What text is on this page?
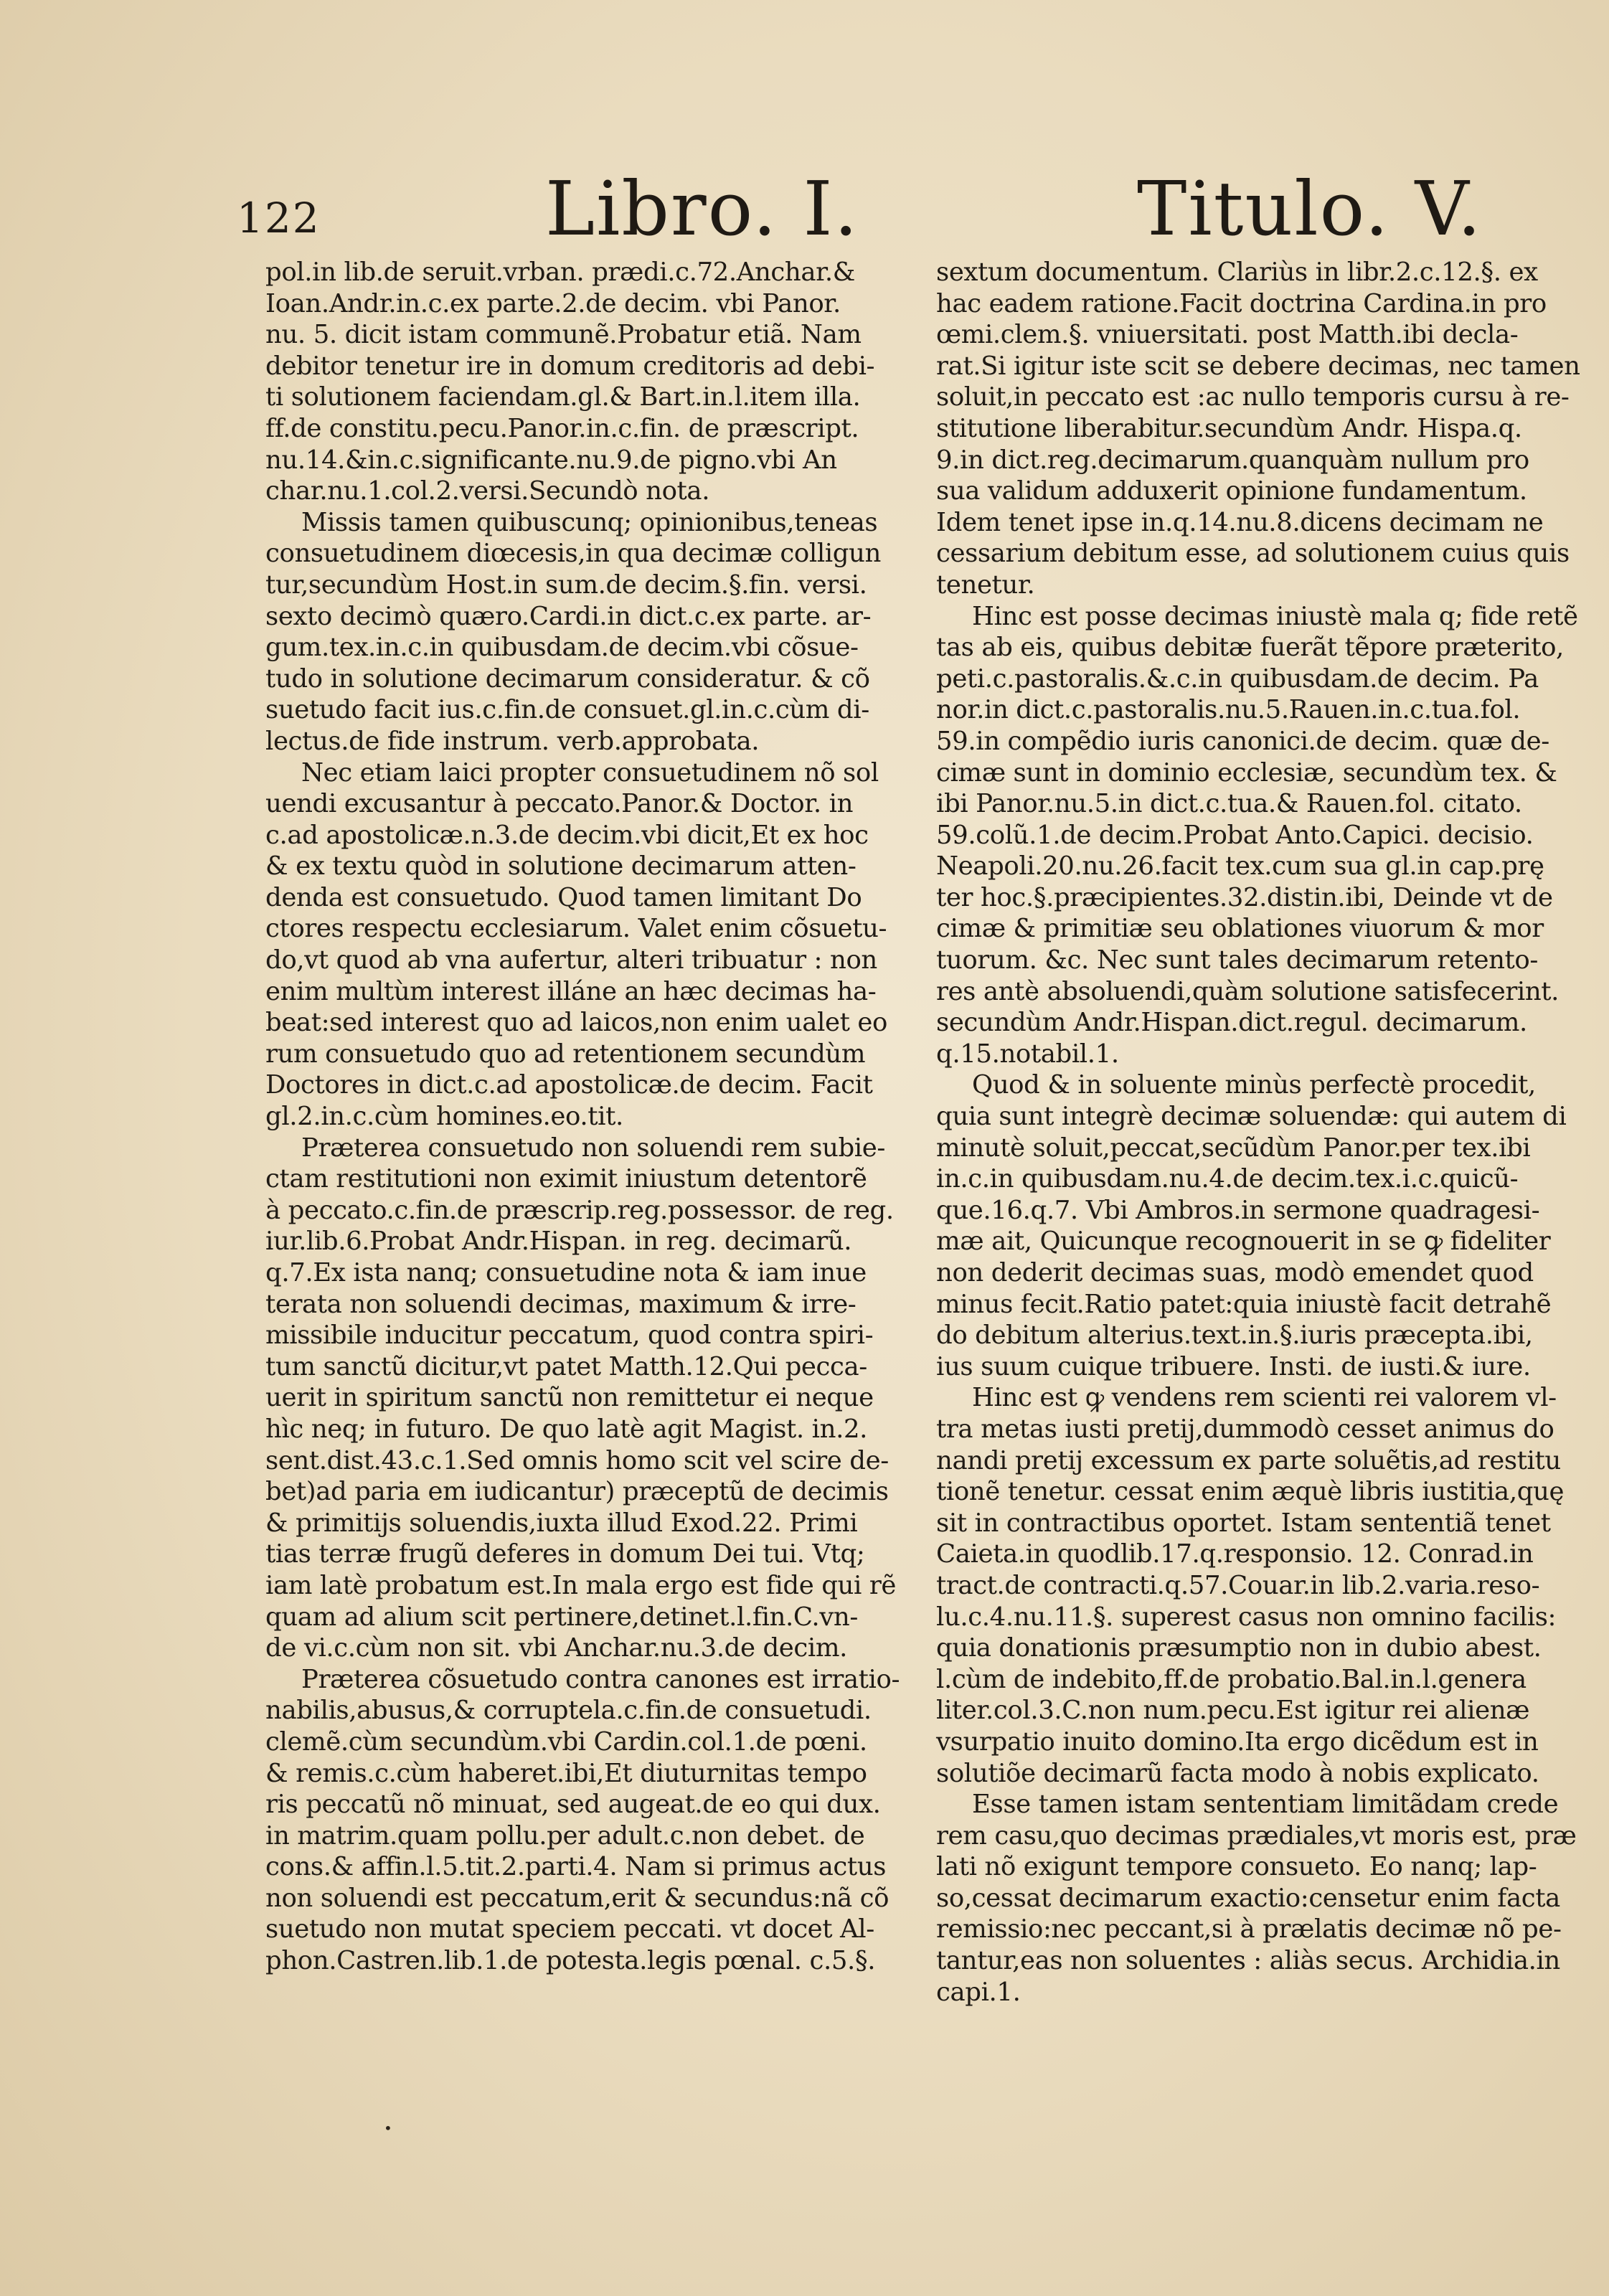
122	Libro. I.	Titulo. V.
pol.in lib.de seruit.vrban. prædi.c.72.Anchar.&
Ioan.Andr.in.c.ex parte.2.de decim. vbi Panor.
nu. 5. dicit istam communẽ.Probatur etiã. Nam
debitor tenetur ire in domum creditoris ad debi-
ti solutionem faciendam.gl.& Bart.in.l.item illa.
ff.de constitu.pecu.Panor.in.c.fin. de præscript.
nu.14.&in.c.significante.nu.9.de pigno.vbi An
char.nu.1.col.2.versi.Secundò nota.
Missis tamen quibuscunq; opinionibus,teneas
consuetudinem diœcesis,in qua decimæ colligun
tur,secundùm Host.in sum.de decim.§.fin. versi.
sexto decimò quæro.Cardi.in dict.c.ex parte. ar-
gum.tex.in.c.in quibusdam.de decim.vbi cõsue-
tudo in solutione decimarum consideratur. & cõ
suetudo facit ius.c.fin.de consuet.gl.in.c.cùm di-
lectus.de fide instrum. verb.approbata.
Nec etiam laici propter consuetudinem nõ sol
uendi excusantur à peccato.Panor.& Doctor. in
c.ad apostolicæ.n.3.de decim.vbi dicit,Et ex hoc
& ex textu quòd in solutione decimarum atten-
denda est consuetudo. Quod tamen limitant Do
ctores respectu ecclesiarum. Valet enim cõsuetu-
do,vt quod ab vna aufertur, alteri tribuatur : non
enim multùm interest illáne an hæc decimas ha-
beat:sed interest quo ad laicos,non enim ualet eo
rum consuetudo quo ad retentionem secundùm
Doctores in dict.c.ad apostolicæ.de decim. Facit
gl.2.in.c.cùm homines.eo.tit.
Præterea consuetudo non soluendi rem subie-
ctam restitutioni non eximit iniustum detentorẽ
à peccato.c.fin.de præscrip.reg.possessor. de reg.
iur.lib.6.Probat Andr.Hispan. in reg. decimarũ.
q.7.Ex ista nanq; consuetudine nota & iam inue
terata non soluendi decimas, maximum & irre-
missibile inducitur peccatum, quod contra spiri-
tum sanctũ dicitur,vt patet Matth.12.Qui pecca-
uerit in spiritum sanctũ non remittetur ei neque
hìc neq; in futuro. De quo latè agit Magist. in.2.
sent.dist.43.c.1.Sed omnis homo scit vel scire de-
bet)ad paria em iudicantur) præceptũ de decimis
& primitijs soluendis,iuxta illud Exod.22. Primi
tias terræ frugũ deferes in domum Dei tui. Vtq;
iam latè probatum est.In mala ergo est fide qui rẽ
quam ad alium scit pertinere,detinet.l.fin.C.vn-
de vi.c.cùm non sit. vbi Anchar.nu.3.de decim.
Præterea cõsuetudo contra canones est irratio-
nabilis,abusus,& corruptela.c.fin.de consuetudi.
clemẽ.cùm secundùm.vbi Cardin.col.1.de pœni.
& remis.c.cùm haberet.ibi,Et diuturnitas tempo
ris peccatũ nõ minuat, sed augeat.de eo qui dux.
in matrim.quam pollu.per adult.c.non debet. de
cons.& affin.l.5.tit.2.parti.4. Nam si primus actus
non soluendi est peccatum,erit & secundus:nã cõ
suetudo non mutat speciem peccati. vt docet Al-
phon.Castren.lib.1.de potesta.legis pœnal. c.5.§.
sextum documentum. Clariùs in libr.2.c.12.§. ex
hac eadem ratione.Facit doctrina Cardina.in pro
œmi.clem.§. vniuersitati. post Matth.ibi decla-
rat.Si igitur iste scit se debere decimas, nec tamen
soluit,in peccato est :ac nullo temporis cursu à re-
stitutione liberabitur.secundùm Andr. Hispa.q.
9.in dict.reg.decimarum.quanquàm nullum pro
sua validum adduxerit opinione fundamentum.
Idem tenet ipse in.q.14.nu.8.dicens decimam ne
cessarium debitum esse, ad solutionem cuius quis
tenetur.
Hinc est posse decimas iniustè mala q; fide retẽ
tas ab eis, quibus debitæ fuerãt tẽpore præterito,
peti.c.pastoralis.&.c.in quibusdam.de decim. Pa
nor.in dict.c.pastoralis.nu.5.Rauen.in.c.tua.fol.
59.in compẽdio iuris canonici.de decim. quæ de-
cimæ sunt in dominio ecclesiæ, secundùm tex. &
ibi Panor.nu.5.in dict.c.tua.& Rauen.fol. citato.
59.colũ.1.de decim.Probat Anto.Capici. decisio.
Neapoli.20.nu.26.facit tex.cum sua gl.in cap.prę
ter hoc.§.præcipientes.32.distin.ibi, Deinde vt de
cimæ & primitiæ seu oblationes viuorum & mor
tuorum. &c. Nec sunt tales decimarum retento-
res antè absoluendi,quàm solutione satisfecerint.
secundùm Andr.Hispan.dict.regul. decimarum.
q.15.notabil.1.
Quod & in soluente minùs perfectè procedit,
quia sunt integrè decimæ soluendæ: qui autem di
minutè soluit,peccat,secũdùm Panor.per tex.ibi
in.c.in quibusdam.nu.4.de decim.tex.i.c.quicũ-
que.16.q.7. Vbi Ambros.in sermone quadragesi-
mæ ait, Quicunque recognouerit in se ꝙ fideliter
non dederit decimas suas, modò emendet quod
minus fecit.Ratio patet:quia iniustè facit detrahẽ
do debitum alterius.text.in.§.iuris præcepta.ibi,
ius suum cuique tribuere. Insti. de iusti.& iure.
Hinc est ꝙ vendens rem scienti rei valorem vl-
tra metas iusti pretij,dummodò cesset animus do
nandi pretij excessum ex parte soluẽtis,ad restitu
tionẽ tenetur. cessat enim æquè libris iustitia,quę
sit in contractibus oportet. Istam sententiã tenet
Caieta.in quodlib.17.q.responsio. 12. Conrad.in
tract.de contracti.q.57.Couar.in lib.2.varia.reso-
lu.c.4.nu.11.§. superest casus non omnino facilis:
quia donationis præsumptio non in dubio abest.
l.cùm de indebito,ff.de probatio.Bal.in.l.genera
liter.col.3.C.non num.pecu.Est igitur rei alienæ
vsurpatio inuito domino.Ita ergo dicẽdum est in
solutiõe decimarũ facta modo à nobis explicato.
Esse tamen istam sententiam limitãdam crede
rem casu,quo decimas prædiales,vt moris est, præ
lati nõ exigunt tempore consueto. Eo nanq; lap-
so,cessat decimarum exactio:censetur enim facta
remissio:nec peccant,si à prælatis decimæ nõ pe-
tantur,eas non soluentes : aliàs secus. Archidia.in
capi.1.
•
